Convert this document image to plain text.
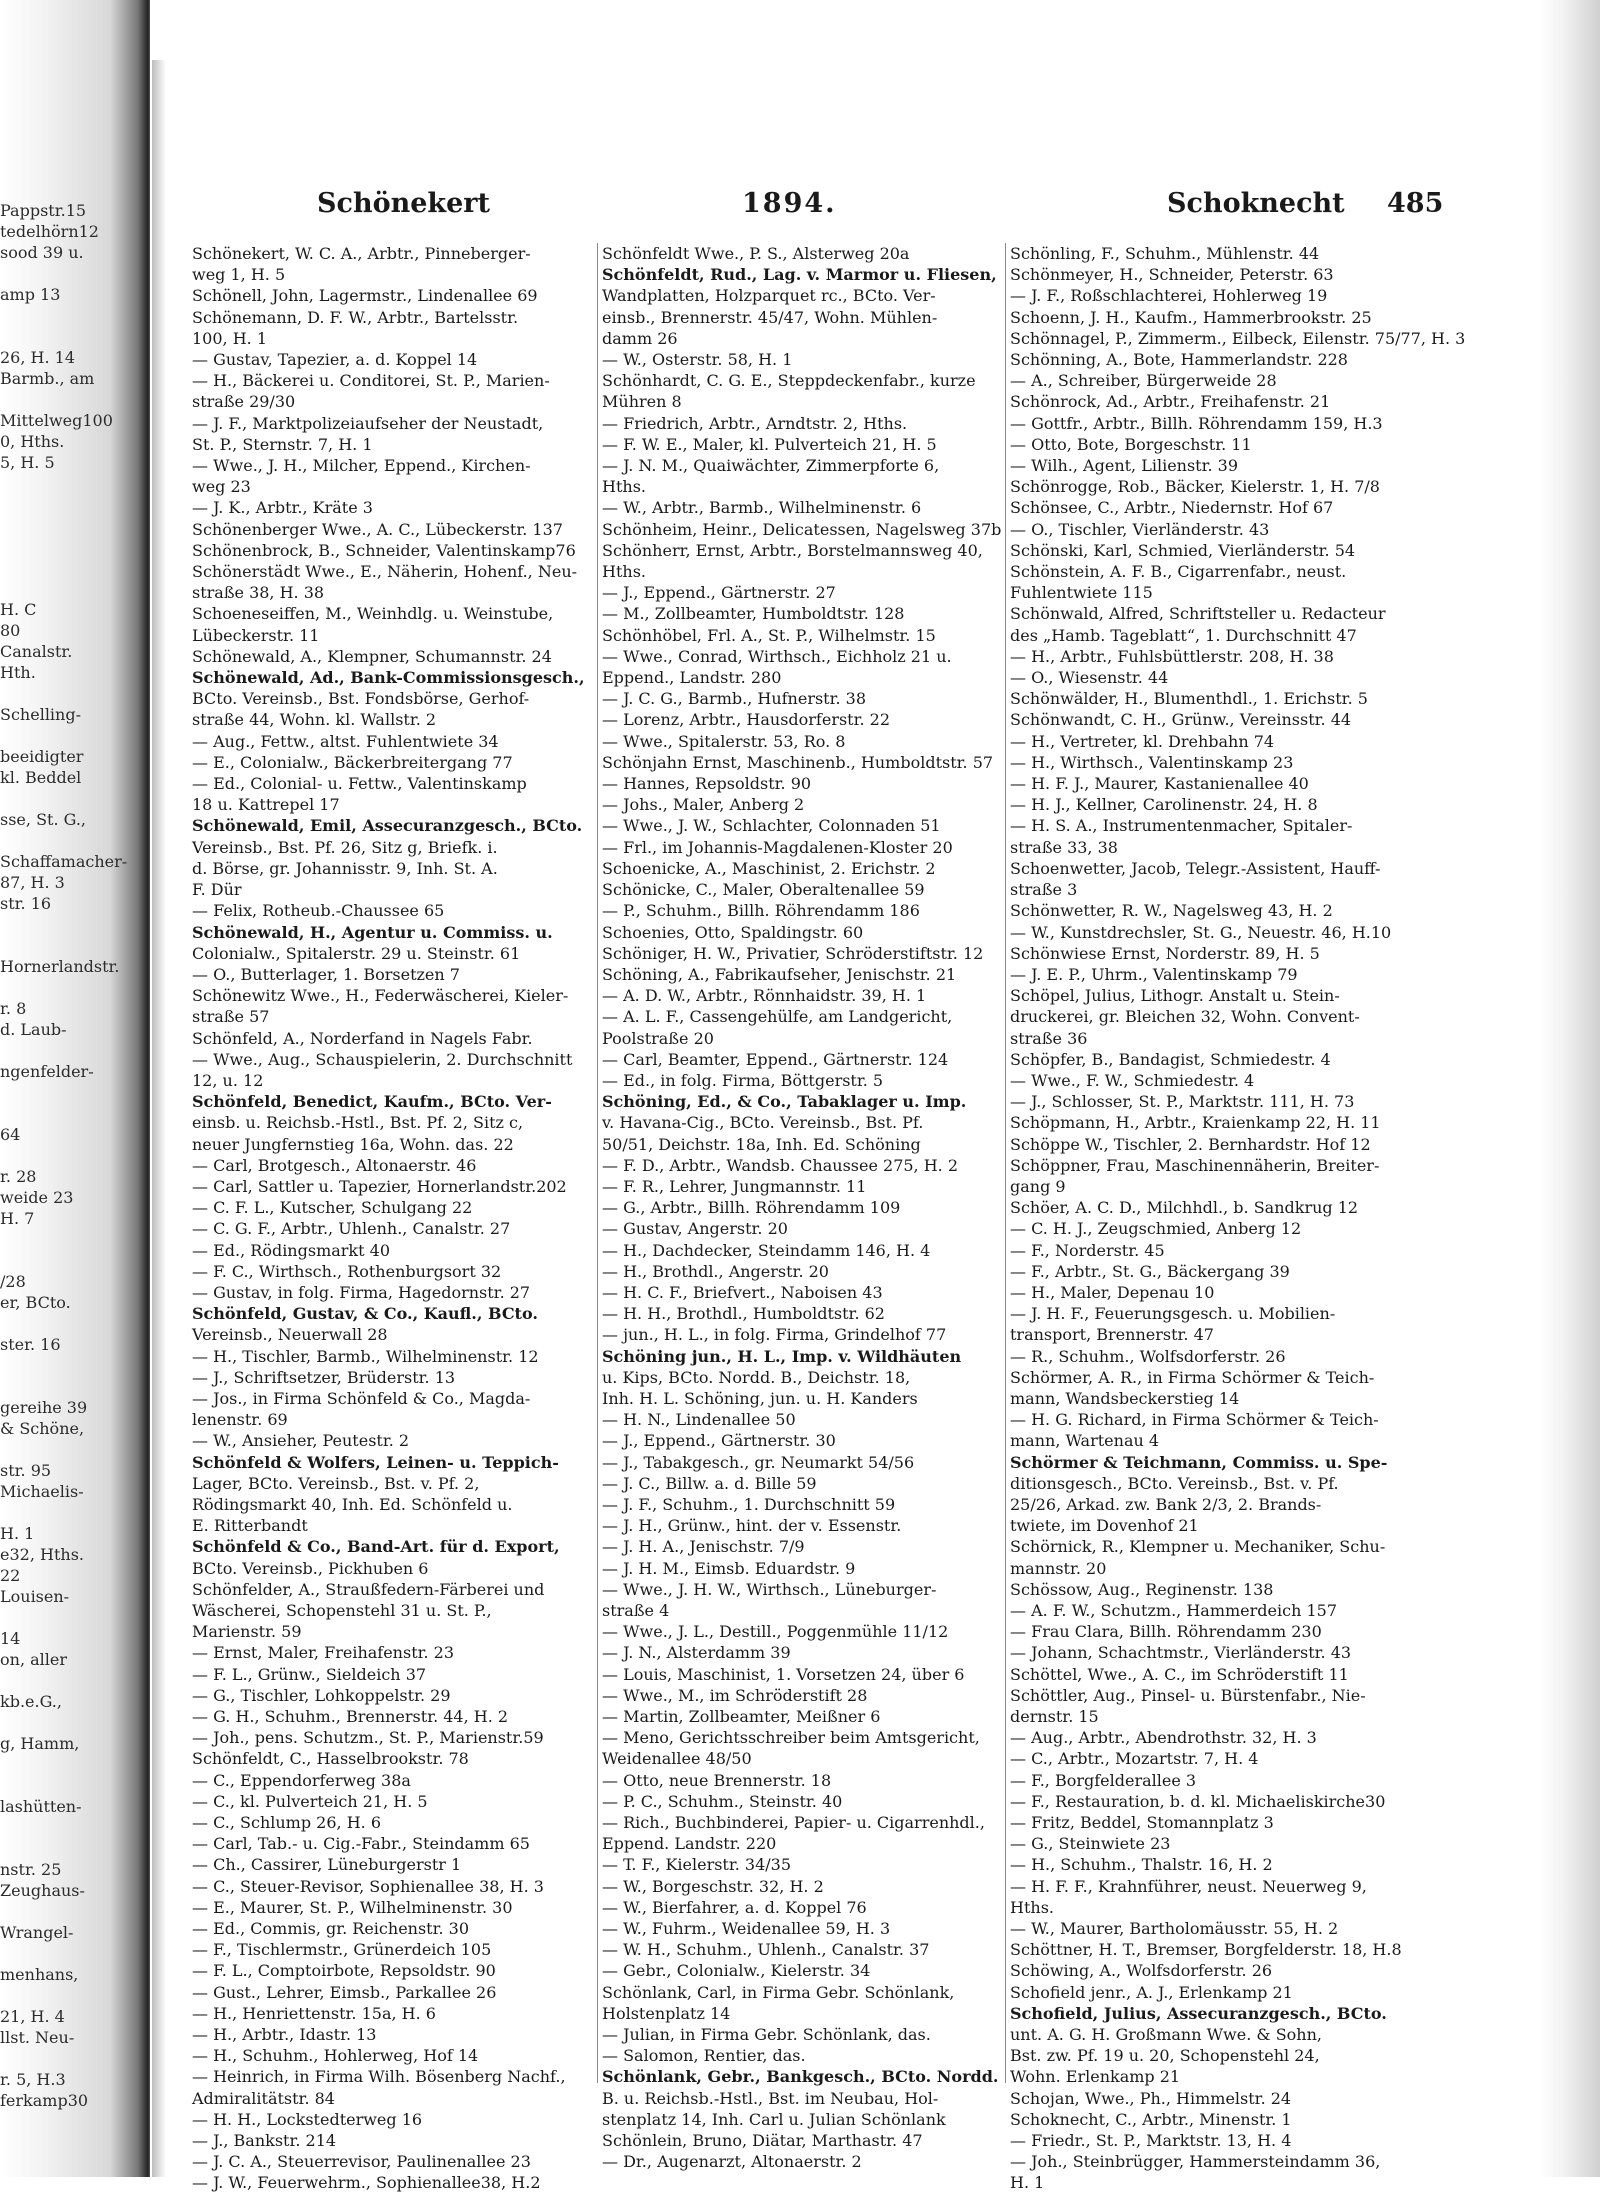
Pappstr.15
tedelhörn12
sood 39 u.
amp 13
26, H. 14
Barmb., am
Mittelweg100
0, Hths.
5, H. 5
H. C
80
Canalstr.
Hth.
Schelling-
beeidigter
kl. Beddel
sse, St. G.,
Schaffamacher-
87, H. 3
str. 16
Hornerlandstr.
r. 8
d. Laub-
ngenfelder-
64
r. 28
weide 23
H. 7
/28
er, BCto.
ster. 16
gereihe 39
& Schöne,
str. 95
Michaelis-
H. 1
e32, Hths.
22
Louisen-
14
on, aller
kb.e.G.,
g, Hamm,
lashütten-
nstr. 25
Zeughaus-
Wrangel-
menhans,
21, H. 4
llst. Neu-
r. 5, H.3
ferkamp30
Schönekert	1894.	Schoknecht 485
Schönekert, W. C. A., Arbtr., Pinneberger-
weg 1, H. 5
Schönell, John, Lagermstr., Lindenallee 69
Schönemann, D. F. W., Arbtr., Bartelsstr.
100, H. 1
— Gustav, Tapezier, a. d. Koppel 14
— H., Bäckerei u. Conditorei, St. P., Marien-
straße 29/30
— J. F., Marktpolizeiaufseher der Neustadt,
St. P., Sternstr. 7, H. 1
— Wwe., J. H., Milcher, Eppend., Kirchen-
weg 23
— J. K., Arbtr., Kräte 3
Schönenberger Wwe., A. C., Lübeckerstr. 137
Schönenbrock, B., Schneider, Valentinskamp76
Schönerstädt Wwe., E., Näherin, Hohenf., Neu-
straße 38, H. 38
Schoeneseiffen, M., Weinhdlg. u. Weinstube,
Lübeckerstr. 11
Schönewald, A., Klempner, Schumannstr. 24
Schönewald, Ad., Bank-Commissionsgesch.,
BCto. Vereinsb., Bst. Fondsbörse, Gerhof-
straße 44, Wohn. kl. Wallstr. 2
— Aug., Fettw., altst. Fuhlentwiete 34
— E., Colonialw., Bäckerbreitergang 77
— Ed., Colonial- u. Fettw., Valentinskamp
18 u. Kattrepel 17
Schönewald, Emil, Assecuranzgesch., BCto.
Vereinsb., Bst. Pf. 26, Sitz g, Briefk. i.
d. Börse, gr. Johannisstr. 9, Inh. St. A.
F. Dür
— Felix, Rotheub.-Chaussee 65
Schönewald, H., Agentur u. Commiss. u.
Colonialw., Spitalerstr. 29 u. Steinstr. 61
— O., Butterlager, 1. Borsetzen 7
Schönewitz Wwe., H., Federwäscherei, Kieler-
straße 57
Schönfeld, A., Norderfand in Nagels Fabr.
— Wwe., Aug., Schauspielerin, 2. Durchschnitt
12, u. 12
Schönfeld, Benedict, Kaufm., BCto. Ver-
einsb. u. Reichsb.-Hstl., Bst. Pf. 2, Sitz c,
neuer Jungfernstieg 16a, Wohn. das. 22
— Carl, Brotgesch., Altonaerstr. 46
— Carl, Sattler u. Tapezier, Hornerlandstr.202
— C. F. L., Kutscher, Schulgang 22
— C. G. F., Arbtr., Uhlenh., Canalstr. 27
— Ed., Rödingsmarkt 40
— F. C., Wirthsch., Rothenburgsort 32
— Gustav, in folg. Firma, Hagedornstr. 27
Schönfeld, Gustav, & Co., Kaufl., BCto.
Vereinsb., Neuerwall 28
— H., Tischler, Barmb., Wilhelminenstr. 12
— J., Schriftsetzer, Brüderstr. 13
— Jos., in Firma Schönfeld & Co., Magda-
lenenstr. 69
— W., Ansieher, Peutestr. 2
Schönfeld & Wolfers, Leinen- u. Teppich-
Lager, BCto. Vereinsb., Bst. v. Pf. 2,
Rödingsmarkt 40, Inh. Ed. Schönfeld u.
E. Ritterbandt
Schönfeld & Co., Band-Art. für d. Export,
BCto. Vereinsb., Pickhuben 6
Schönfelder, A., Straußfedern-Färberei und
Wäscherei, Schopenstehl 31 u. St. P.,
Marienstr. 59
— Ernst, Maler, Freihafenstr. 23
— F. L., Grünw., Sieldeich 37
— G., Tischler, Lohkoppelstr. 29
— G. H., Schuhm., Brennerstr. 44, H. 2
— Joh., pens. Schutzm., St. P., Marienstr.59
Schönfeldt, C., Hasselbrookstr. 78
— C., Eppendorferweg 38a
— C., kl. Pulverteich 21, H. 5
— C., Schlump 26, H. 6
— Carl, Tab.- u. Cig.-Fabr., Steindamm 65
— Ch., Cassirer, Lüneburgerstr 1
— C., Steuer-Revisor, Sophienallee 38, H. 3
— E., Maurer, St. P., Wilhelminenstr. 30
— Ed., Commis, gr. Reichenstr. 30
— F., Tischlermstr., Grünerdeich 105
— F. L., Comptoirbote, Repsoldstr. 90
— Gust., Lehrer, Eimsb., Parkallee 26
— H., Henriettenstr. 15a, H. 6
— H., Arbtr., Idastr. 13
— H., Schuhm., Hohlerweg, Hof 14
— Heinrich, in Firma Wilh. Bösenberg Nachf.,
Admiralitätstr. 84
— H. H., Lockstedterweg 16
— J., Bankstr. 214
— J. C. A., Steuerrevisor, Paulinenallee 23
— J. W., Feuerwehrm., Sophienallee38, H.2
Schönfeldt Wwe., P. S., Alsterweg 20a
Schönfeldt, Rud., Lag. v. Marmor u. Fliesen,
Wandplatten, Holzparquet rc., BCto. Ver-
einsb., Brennerstr. 45/47, Wohn. Mühlen-
damm 26
— W., Osterstr. 58, H. 1
Schönhardt, C. G. E., Steppdeckenfabr., kurze
Mühren 8
— Friedrich, Arbtr., Arndtstr. 2, Hths.
— F. W. E., Maler, kl. Pulverteich 21, H. 5
— J. N. M., Quaiwächter, Zimmerpforte 6,
Hths.
— W., Arbtr., Barmb., Wilhelminenstr. 6
Schönheim, Heinr., Delicatessen, Nagelsweg 37b
Schönherr, Ernst, Arbtr., Borstelmannsweg 40,
Hths.
— J., Eppend., Gärtnerstr. 27
— M., Zollbeamter, Humboldtstr. 128
Schönhöbel, Frl. A., St. P., Wilhelmstr. 15
— Wwe., Conrad, Wirthsch., Eichholz 21 u.
Eppend., Landstr. 280
— J. C. G., Barmb., Hufnerstr. 38
— Lorenz, Arbtr., Hausdorferstr. 22
— Wwe., Spitalerstr. 53, Ro. 8
Schönjahn Ernst, Maschinenb., Humboldtstr. 57
— Hannes, Repsoldstr. 90
— Johs., Maler, Anberg 2
— Wwe., J. W., Schlachter, Colonnaden 51
— Frl., im Johannis-Magdalenen-Kloster 20
Schoenicke, A., Maschinist, 2. Erichstr. 2
Schönicke, C., Maler, Oberaltenallee 59
— P., Schuhm., Billh. Röhrendamm 186
Schoenies, Otto, Spaldingstr. 60
Schöniger, H. W., Privatier, Schröderstiftstr. 12
Schöning, A., Fabrikaufseher, Jenischstr. 21
— A. D. W., Arbtr., Rönnhaidstr. 39, H. 1
— A. L. F., Cassengehülfe, am Landgericht,
Poolstraße 20
— Carl, Beamter, Eppend., Gärtnerstr. 124
— Ed., in folg. Firma, Böttgerstr. 5
Schöning, Ed., & Co., Tabaklager u. Imp.
v. Havana-Cig., BCto. Vereinsb., Bst. Pf.
50/51, Deichstr. 18a, Inh. Ed. Schöning
— F. D., Arbtr., Wandsb. Chaussee 275, H. 2
— F. R., Lehrer, Jungmannstr. 11
— G., Arbtr., Billh. Röhrendamm 109
— Gustav, Angerstr. 20
— H., Dachdecker, Steindamm 146, H. 4
— H., Brothdl., Angerstr. 20
— H. C. F., Briefvert., Naboisen 43
— H. H., Brothdl., Humboldtstr. 62
— jun., H. L., in folg. Firma, Grindelhof 77
Schöning jun., H. L., Imp. v. Wildhäuten
u. Kips, BCto. Nordd. B., Deichstr. 18,
Inh. H. L. Schöning, jun. u. H. Kanders
— H. N., Lindenallee 50
— J., Eppend., Gärtnerstr. 30
— J., Tabakgesch., gr. Neumarkt 54/56
— J. C., Billw. a. d. Bille 59
— J. F., Schuhm., 1. Durchschnitt 59
— J. H., Grünw., hint. der v. Essenstr.
— J. H. A., Jenischstr. 7/9
— J. H. M., Eimsb. Eduardstr. 9
— Wwe., J. H. W., Wirthsch., Lüneburger-
straße 4
— Wwe., J. L., Destill., Poggenmühle 11/12
— J. N., Alsterdamm 39
— Louis, Maschinist, 1. Vorsetzen 24, über 6
— Wwe., M., im Schröderstift 28
— Martin, Zollbeamter, Meißner 6
— Meno, Gerichtsschreiber beim Amtsgericht,
Weidenallee 48/50
— Otto, neue Brennerstr. 18
— P. C., Schuhm., Steinstr. 40
— Rich., Buchbinderei, Papier- u. Cigarrenhdl.,
Eppend. Landstr. 220
— T. F., Kielerstr. 34/35
— W., Borgeschstr. 32, H. 2
— W., Bierfahrer, a. d. Koppel 76
— W., Fuhrm., Weidenallee 59, H. 3
— W. H., Schuhm., Uhlenh., Canalstr. 37
— Gebr., Colonialw., Kielerstr. 34
Schönlank, Carl, in Firma Gebr. Schönlank,
Holstenplatz 14
— Julian, in Firma Gebr. Schönlank, das.
— Salomon, Rentier, das.
Schönlank, Gebr., Bankgesch., BCto. Nordd.
B. u. Reichsb.-Hstl., Bst. im Neubau, Hol-
stenplatz 14, Inh. Carl u. Julian Schönlank
Schönlein, Bruno, Diätar, Marthastr. 47
— Dr., Augenarzt, Altonaerstr. 2
Schönling, F., Schuhm., Mühlenstr. 44
Schönmeyer, H., Schneider, Peterstr. 63
— J. F., Roßschlachterei, Hohlerweg 19
Schoenn, J. H., Kaufm., Hammerbrookstr. 25
Schönnagel, P., Zimmerm., Eilbeck, Eilenstr. 75/77, H. 3
Schönning, A., Bote, Hammerlandstr. 228
— A., Schreiber, Bürgerweide 28
Schönrock, Ad., Arbtr., Freihafenstr. 21
— Gottfr., Arbtr., Billh. Röhrendamm 159, H.3
— Otto, Bote, Borgeschstr. 11
— Wilh., Agent, Lilienstr. 39
Schönrogge, Rob., Bäcker, Kielerstr. 1, H. 7/8
Schönsee, C., Arbtr., Niedernstr. Hof 67
— O., Tischler, Vierländerstr. 43
Schönski, Karl, Schmied, Vierländerstr. 54
Schönstein, A. F. B., Cigarrenfabr., neust.
Fuhlentwiete 115
Schönwald, Alfred, Schriftsteller u. Redacteur
des „Hamb. Tageblatt“, 1. Durchschnitt 47
— H., Arbtr., Fuhlsbüttlerstr. 208, H. 38
— O., Wiesenstr. 44
Schönwälder, H., Blumenthdl., 1. Erichstr. 5
Schönwandt, C. H., Grünw., Vereinsstr. 44
— H., Vertreter, kl. Drehbahn 74
— H., Wirthsch., Valentinskamp 23
— H. F. J., Maurer, Kastanienallee 40
— H. J., Kellner, Carolinenstr. 24, H. 8
— H. S. A., Instrumentenmacher, Spitaler-
straße 33, 38
Schoenwetter, Jacob, Telegr.-Assistent, Hauff-
straße 3
Schönwetter, R. W., Nagelsweg 43, H. 2
— W., Kunstdrechsler, St. G., Neuestr. 46, H.10
Schönwiese Ernst, Norderstr. 89, H. 5
— J. E. P., Uhrm., Valentinskamp 79
Schöpel, Julius, Lithogr. Anstalt u. Stein-
druckerei, gr. Bleichen 32, Wohn. Convent-
straße 36
Schöpfer, B., Bandagist, Schmiedestr. 4
— Wwe., F. W., Schmiedestr. 4
— J., Schlosser, St. P., Marktstr. 111, H. 73
Schöpmann, H., Arbtr., Kraienkamp 22, H. 11
Schöppe W., Tischler, 2. Bernhardstr. Hof 12
Schöppner, Frau, Maschinennäherin, Breiter-
gang 9
Schöer, A. C. D., Milchhdl., b. Sandkrug 12
— C. H. J., Zeugschmied, Anberg 12
— F., Norderstr. 45
— F., Arbtr., St. G., Bäckergang 39
— H., Maler, Depenau 10
— J. H. F., Feuerungsgesch. u. Mobilien-
transport, Brennerstr. 47
— R., Schuhm., Wolfsdorferstr. 26
Schörmer, A. R., in Firma Schörmer & Teich-
mann, Wandsbeckerstieg 14
— H. G. Richard, in Firma Schörmer & Teich-
mann, Wartenau 4
Schörmer & Teichmann, Commiss. u. Spe-
ditionsgesch., BCto. Vereinsb., Bst. v. Pf.
25/26, Arkad. zw. Bank 2/3, 2. Brands-
twiete, im Dovenhof 21
Schörnick, R., Klempner u. Mechaniker, Schu-
mannstr. 20
Schössow, Aug., Reginenstr. 138
— A. F. W., Schutzm., Hammerdeich 157
— Frau Clara, Billh. Röhrendamm 230
— Johann, Schachtmstr., Vierländerstr. 43
Schöttel, Wwe., A. C., im Schröderstift 11
Schöttler, Aug., Pinsel- u. Bürstenfabr., Nie-
dernstr. 15
— Aug., Arbtr., Abendrothstr. 32, H. 3
— C., Arbtr., Mozartstr. 7, H. 4
— F., Borgfelderallee 3
— F., Restauration, b. d. kl. Michaeliskirche30
— Fritz, Beddel, Stomannplatz 3
— G., Steinwiete 23
— H., Schuhm., Thalstr. 16, H. 2
— H. F. F., Krahnführer, neust. Neuerweg 9,
Hths.
— W., Maurer, Bartholomäusstr. 55, H. 2
Schöttner, H. T., Bremser, Borgfelderstr. 18, H.8
Schöwing, A., Wolfsdorferstr. 26
Schofield jenr., A. J., Erlenkamp 21
Schofield, Julius, Assecuranzgesch., BCto.
unt. A. G. H. Großmann Wwe. & Sohn,
Bst. zw. Pf. 19 u. 20, Schopenstehl 24,
Wohn. Erlenkamp 21
Schojan, Wwe., Ph., Himmelstr. 24
Schoknecht, C., Arbtr., Minenstr. 1
— Friedr., St. P., Marktstr. 13, H. 4
— Joh., Steinbrügger, Hammersteindamm 36,
H. 1
